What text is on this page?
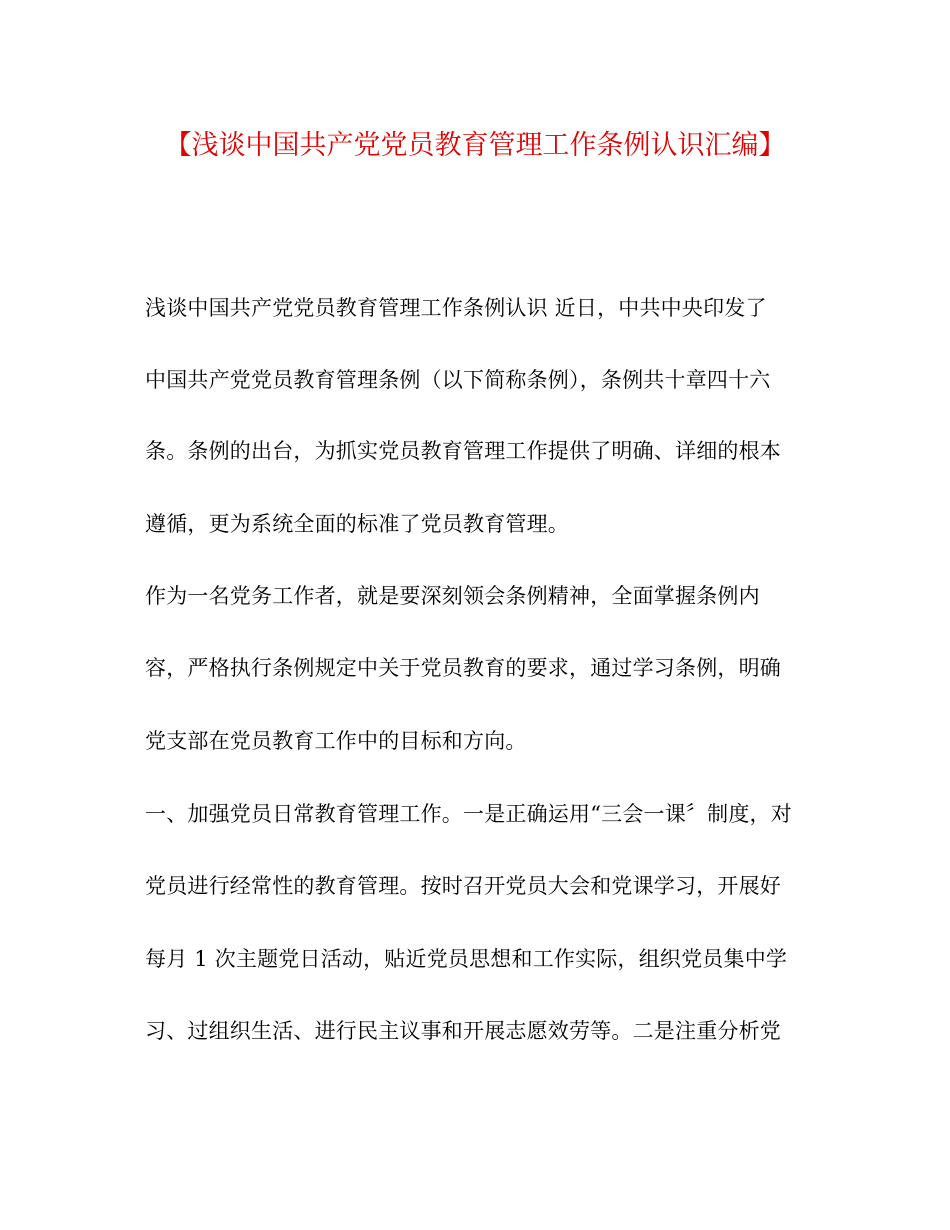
【浅谈中国共产党党员教育管理工作条例认识汇编】
浅谈中国共产党党员教育管理工作条例认识 近日，中共中央印发了
中国共产党党员教育管理条例（以下简称条例），条例共十章四十六
条。条例的出台，为抓实党员教育管理工作提供了明确、详细的根本
遵循，更为系统全面的标准了党员教育管理。
作为一名党务工作者，就是要深刻领会条例精神，全面掌握条例内
容，严格执行条例规定中关于党员教育的要求，通过学习条例，明确
党支部在党员教育工作中的目标和方向。
一、加强党员日常教育管理工作。一是正确运用“三会一课〞制度，对
党员进行经常性的教育管理。按时召开党员大会和党课学习，开展好
每月 1 次主题党日活动，贴近党员思想和工作实际，组织党员集中学
习、过组织生活、进行民主议事和开展志愿效劳等。二是注重分析党
